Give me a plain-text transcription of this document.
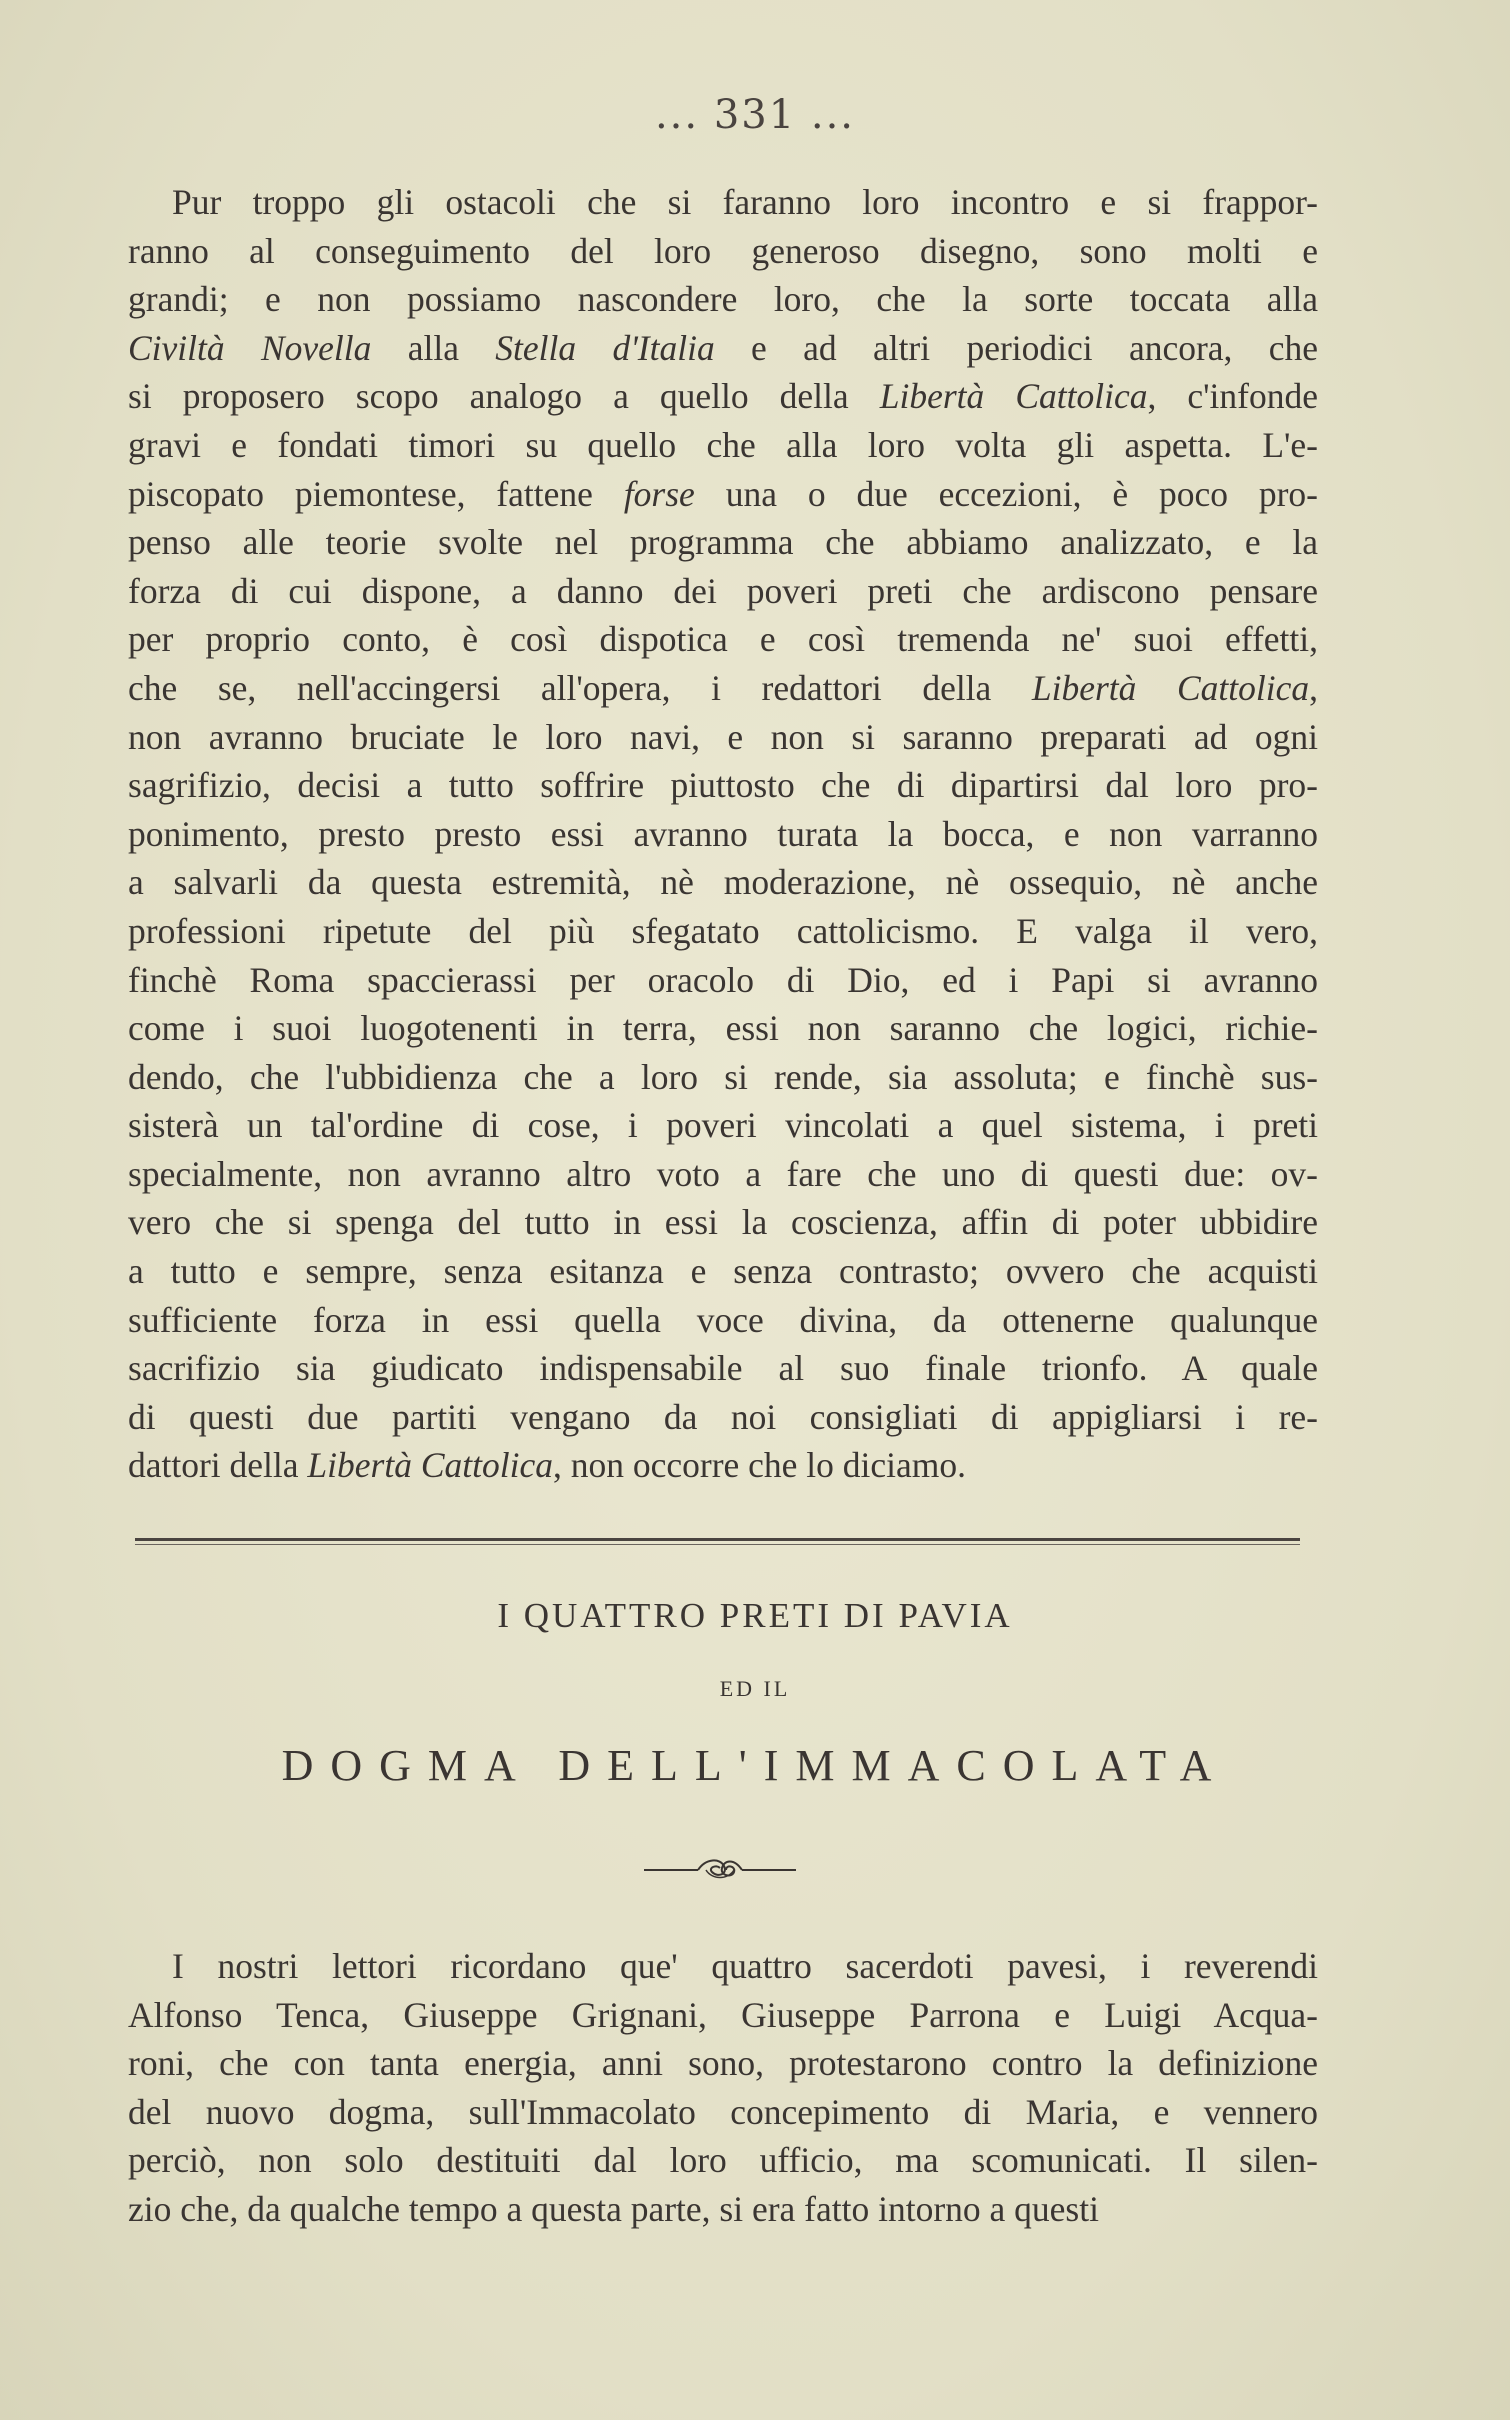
... 331 ...
Pur troppo gli ostacoli che si faranno loro incontro e si frappor-
ranno al conseguimento del loro generoso disegno, sono molti e
grandi; e non possiamo nascondere loro, che la sorte toccata alla
Civiltà Novella alla Stella d'Italia e ad altri periodici ancora, che
si proposero scopo analogo a quello della Libertà Cattolica, c'infonde
gravi e fondati timori su quello che alla loro volta gli aspetta. L'e-
piscopato piemontese, fattene forse una o due eccezioni, è poco pro-
penso alle teorie svolte nel programma che abbiamo analizzato, e la
forza di cui dispone, a danno dei poveri preti che ardiscono pensare
per proprio conto, è così dispotica e così tremenda ne' suoi effetti,
che se, nell'accingersi all'opera, i redattori della Libertà Cattolica,
non avranno bruciate le loro navi, e non si saranno preparati ad ogni
sagrifizio, decisi a tutto soffrire piuttosto che di dipartirsi dal loro pro-
ponimento, presto presto essi avranno turata la bocca, e non varranno
a salvarli da questa estremità, nè moderazione, nè ossequio, nè anche
professioni ripetute del più sfegatato cattolicismo. E valga il vero,
finchè Roma spaccierassi per oracolo di Dio, ed i Papi si avranno
come i suoi luogotenenti in terra, essi non saranno che logici, richie-
dendo, che l'ubbidienza che a loro si rende, sia assoluta; e finchè sus-
sisterà un tal'ordine di cose, i poveri vincolati a quel sistema, i preti
specialmente, non avranno altro voto a fare che uno di questi due: ov-
vero che si spenga del tutto in essi la coscienza, affin di poter ubbidire
a tutto e sempre, senza esitanza e senza contrasto; ovvero che acquisti
sufficiente forza in essi quella voce divina, da ottenerne qualunque
sacrifizio sia giudicato indispensabile al suo finale trionfo. A quale
di questi due partiti vengano da noi consigliati di appigliarsi i re-
dattori della Libertà Cattolica, non occorre che lo diciamo.
I QUATTRO PRETI DI PAVIA
ED IL
DOGMA DELL'IMMACOLATA
I nostri lettori ricordano que' quattro sacerdoti pavesi, i reverendi
Alfonso Tenca, Giuseppe Grignani, Giuseppe Parrona e Luigi Acqua-
roni, che con tanta energia, anni sono, protestarono contro la definizione
del nuovo dogma, sull'Immacolato concepimento di Maria, e vennero
perciò, non solo destituiti dal loro ufficio, ma scomunicati. Il silen-
zio che, da qualche tempo a questa parte, si era fatto intorno a questi
